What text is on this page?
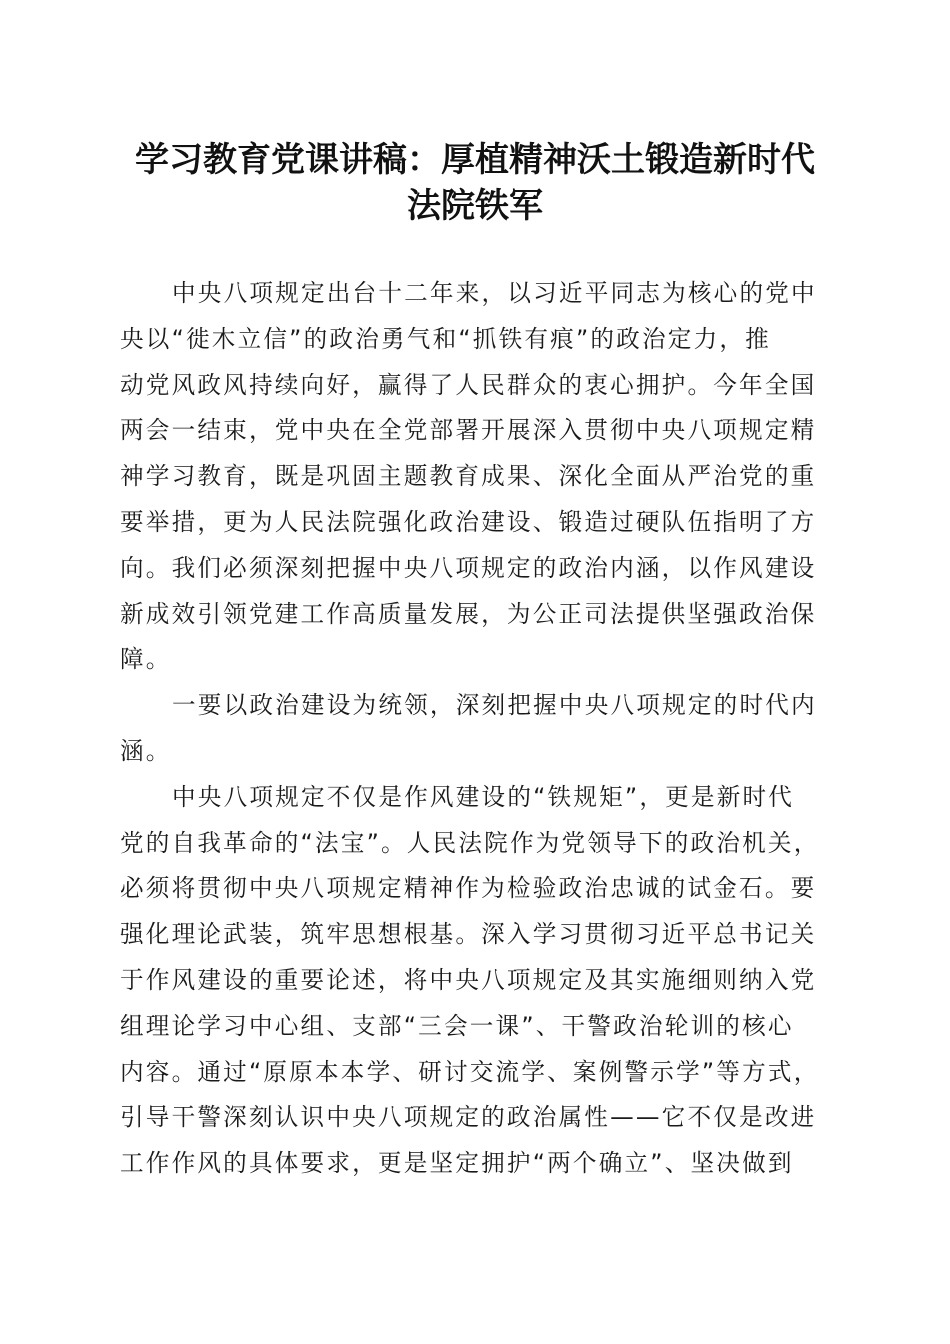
学习教育党课讲稿：厚植精神沃土锻造新时代
法院铁军
中央八项规定出台十二年来，以习近平同志为核心的党中
央以“徙木立信”的政治勇气和“抓铁有痕”的政治定力，推
动党风政风持续向好，赢得了人民群众的衷心拥护。今年全国
两会一结束，党中央在全党部署开展深入贯彻中央八项规定精
神学习教育，既是巩固主题教育成果、深化全面从严治党的重
要举措，更为人民法院强化政治建设、锻造过硬队伍指明了方
向。我们必须深刻把握中央八项规定的政治内涵，以作风建设
新成效引领党建工作高质量发展，为公正司法提供坚强政治保
障。
一要以政治建设为统领，深刻把握中央八项规定的时代内
涵。
中央八项规定不仅是作风建设的“铁规矩”，更是新时代
党的自我革命的“法宝”。人民法院作为党领导下的政治机关，
必须将贯彻中央八项规定精神作为检验政治忠诚的试金石。要
强化理论武装，筑牢思想根基。深入学习贯彻习近平总书记关
于作风建设的重要论述，将中央八项规定及其实施细则纳入党
组理论学习中心组、支部“三会一课”、干警政治轮训的核心
内容。通过“原原本本学、研讨交流学、案例警示学”等方式，
引导干警深刻认识中央八项规定的政治属性——它不仅是改进
工作作风的具体要求，更是坚定拥护“两个确立”、坚决做到
